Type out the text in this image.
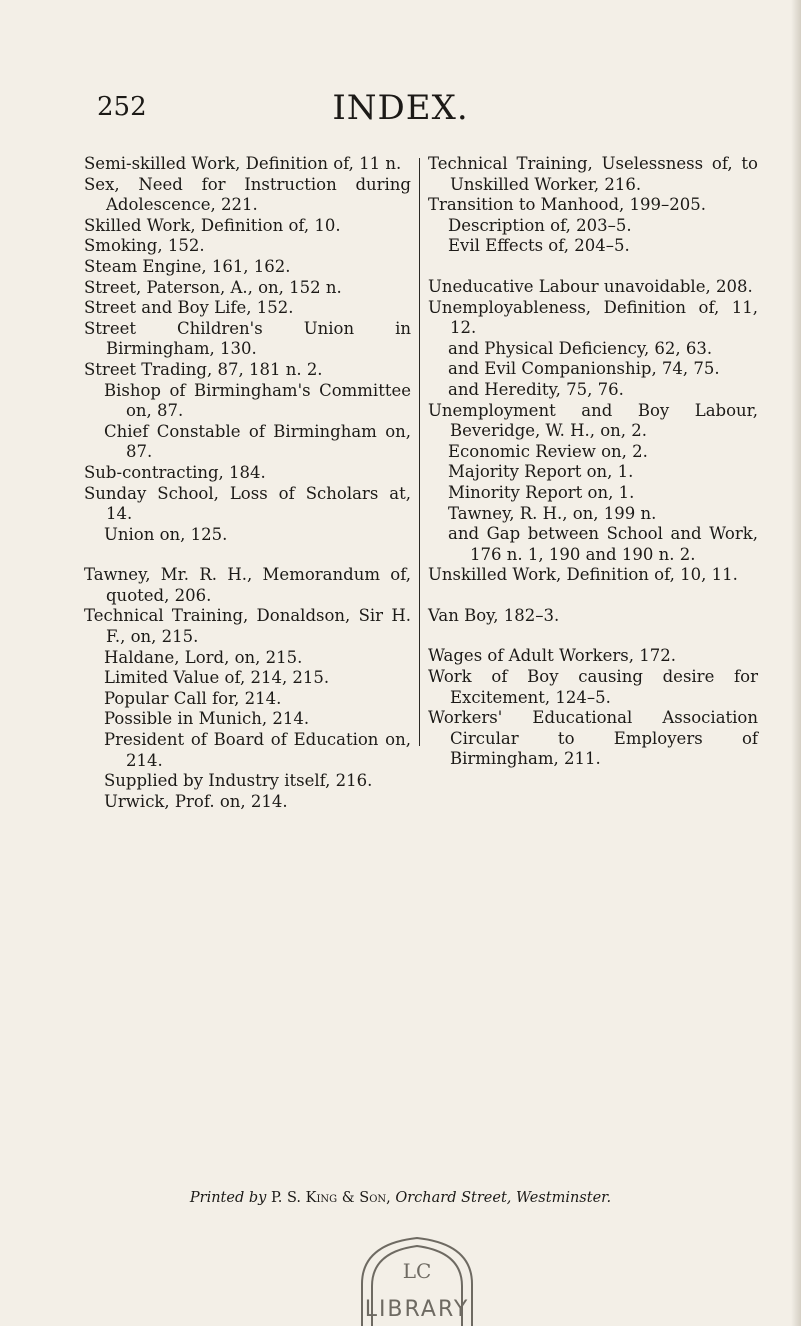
252	INDEX.

Semi-skilled Work, Definition of, 11 n.

Sex, Need for Instruction during Adolescence, 221.

Skilled Work, Definition of, 10.

Smoking, 152.

Steam Engine, 161, 162.

Street, Paterson, A., on, 152 n.

Street and Boy Life, 152.

Street Children's Union in Birmingham, 130.

Street Trading, 87, 181 n. 2.

Bishop of Birmingham's Committee on, 87.

Chief Constable of Birmingham on, 87.

Sub-contracting, 184.

Sunday School, Loss of Scholars at, 14.

Union on, 125.

Tawney, Mr. R. H., Memorandum of, quoted, 206.

Technical Training, Donaldson, Sir H. F., on, 215.

Haldane, Lord, on, 215.

Limited Value of, 214, 215.

Popular Call for, 214.

Possible in Munich, 214.

President of Board of Education on, 214.

Supplied by Industry itself, 216.

Urwick, Prof. on, 214.

Technical Training, Uselessness of, to Unskilled Worker, 216.

Transition to Manhood, 199–205.

Description of, 203–5.

Evil Effects of, 204–5.

Uneducative Labour unavoidable, 208.

Unemployableness, Definition of, 11, 12.

and Physical Deficiency, 62, 63.

and Evil Companionship, 74, 75.

and Heredity, 75, 76.

Unemployment and Boy Labour, Beveridge, W. H., on, 2.

Economic Review on, 2.

Majority Report on, 1.

Minority Report on, 1.

Tawney, R. H., on, 199 n.

and Gap between School and Work, 176 n. 1, 190 and 190 n. 2.

Unskilled Work, Definition of, 10, 11.

Van Boy, 182–3.

Wages of Adult Workers, 172.

Work of Boy causing desire for Excitement, 124–5.

Workers' Educational Association Circular to Employers of Birmingham, 211.

Printed by P. S. King & Son, Orchard Street, Westminster.
LC
LIBRARY
